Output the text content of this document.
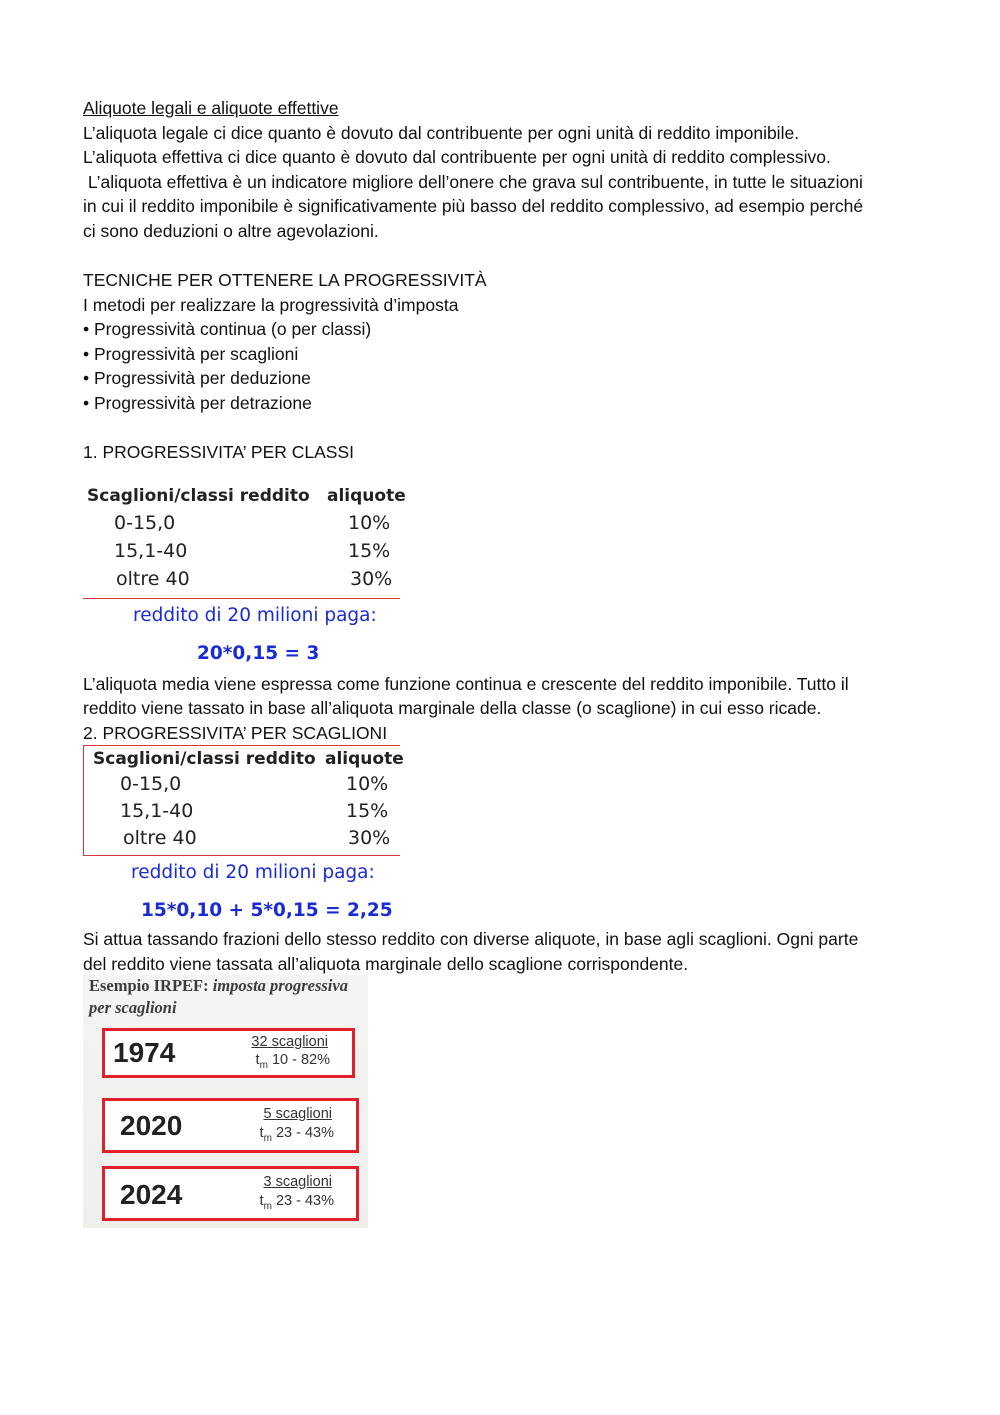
Aliquote legali e aliquote effettive
L’aliquota legale ci dice quanto è dovuto dal contribuente per ogni unità di reddito imponibile.
L’aliquota effettiva ci dice quanto è dovuto dal contribuente per ogni unità di reddito complessivo.
L’aliquota effettiva è un indicatore migliore dell’onere che grava sul contribuente, in tutte le situazioni
in cui il reddito imponibile è significativamente più basso del reddito complessivo, ad esempio perché
ci sono deduzioni o altre agevolazioni.
TECNICHE PER OTTENERE LA PROGRESSIVITÀ
I metodi per realizzare la progressività d’imposta
• Progressività continua (o per classi)
• Progressività per scaglioni
• Progressività per deduzione
• Progressività per detrazione
1. PROGRESSIVITA’ PER CLASSI
Scaglioni/classi reddito aliquote
0-15,0	10%
15,1-40	15%
oltre 40	30%
reddito di 20 milioni paga:
20*0,15 = 3
L’aliquota media viene espressa come funzione continua e crescente del reddito imponibile. Tutto il
reddito viene tassato in base all’aliquota marginale della classe (o scaglione) in cui esso ricade.
2. PROGRESSIVITA’ PER SCAGLIONI
Scaglioni/classi reddito aliquote
0-15,0	10%
15,1-40	15%
oltre 40	30%
reddito di 20 milioni paga:
15*0,10 + 5*0,15 = 2,25
Si attua tassando frazioni dello stesso reddito con diverse aliquote, in base agli scaglioni. Ogni parte
del reddito viene tassata all’aliquota marginale dello scaglione corrispondente.
Esempio IRPEF: imposta progressiva
per scaglioni
1974	32 scaglioni
$t_m$ 10 - 82%
2020	5 scaglioni
$t_m$ 23 - 43%
2024	3 scaglioni
$t_m$ 23 - 43%
